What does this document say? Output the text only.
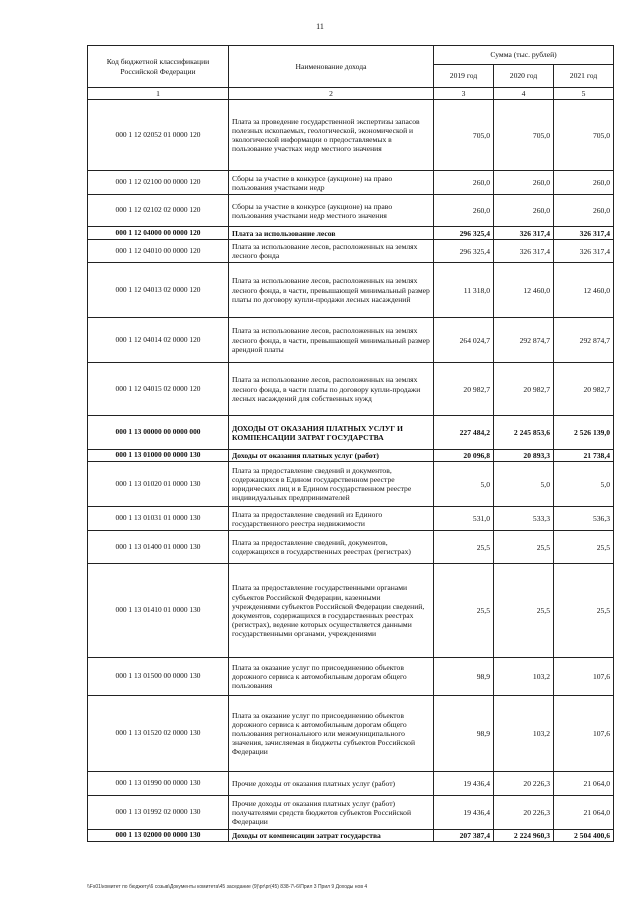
11
Код бюджетной классификации Российской Федерации	Наименование дохода	Сумма (тыс. рублей)		
		2019 год	2020 год	2021 год
1	2	3	4	5
000 1 12 02052 01 0000 120	Плата за проведение государственной экспертизы запасов полезных ископаемых, геологической, экономической и экологической информации о предоставляемых в пользование участках недр местного значения	705,0	705,0	705,0
000 1 12 02100 00 0000 120	Сборы за участие в конкурсе (аукционе) на право пользования участками недр	260,0	260,0	260,0
000 1 12 02102 02 0000 120	Сборы за участие в конкурсе (аукционе) на право пользования участками недр местного значения	260,0	260,0	260,0
000 1 12 04000 00 0000 120	Плата за использование лесов	296 325,4	326 317,4	326 317,4
000 1 12 04010 00 0000 120	Плата за использование лесов, расположенных на землях лесного фонда	296 325,4	326 317,4	326 317,4
000 1 12 04013 02 0000 120	Плата за использование лесов, расположенных на землях лесного фонда, в части, превышающей минимальный размер платы по договору купли-продажи лесных насаждений	11 318,0	12 460,0	12 460,0
000 1 12 04014 02 0000 120	Плата за использование лесов, расположенных на землях лесного фонда, в части, превышающей минимальный размер арендной платы	264 024,7	292 874,7	292 874,7
000 1 12 04015 02 0000 120	Плата за использование лесов, расположенных на землях лесного фонда, в части платы по договору купли-продажи лесных насаждений для собственных нужд	20 982,7	20 982,7	20 982,7
000 1 13 00000 00 0000 000	ДОХОДЫ ОТ ОКАЗАНИЯ ПЛАТНЫХ УСЛУГ И КОМПЕНСАЦИИ ЗАТРАТ ГОСУДАРСТВА	227 484,2	2 245 853,6	2 526 139,0
000 1 13 01000 00 0000 130	Доходы от оказания платных услуг (работ)	20 096,8	20 893,3	21 738,4
000 1 13 01020 01 0000 130	Плата за предоставление сведений и документов, содержащихся в Едином государственном реестре юридических лиц и в Едином государственном реестре индивидуальных предпринимателей	5,0	5,0	5,0
000 1 13 01031 01 0000 130	Плата за предоставление сведений из Единого государственного реестра недвижимости	531,0	533,3	536,3
000 1 13 01400 01 0000 130	Плата за предоставление сведений, документов, содержащихся в государственных реестрах (регистрах)	25,5	25,5	25,5
000 1 13 01410 01 0000 130	Плата за предоставление государственными органами субъектов Российской Федерации, казенными учреждениями субъектов Российской Федерации сведений, документов, содержащихся в государственных реестрах (регистрах), ведение которых осуществляется данными государственными органами, учреждениями	25,5	25,5	25,5
000 1 13 01500 00 0000 130	Плата за оказание услуг по присоединению объектов дорожного сервиса к автомобильным дорогам общего пользования	98,9	103,2	107,6
000 1 13 01520 02 0000 130	Плата за оказание услуг по присоединению объектов дорожного сервиса к автомобильным дорогам общего пользования регионального или межмуниципального значения, зачисляемая в бюджеты субъектов Российской Федерации	98,9	103,2	107,6
000 1 13 01990 00 0000 130	Прочие доходы от оказания платных услуг (работ)	19 436,4	20 226,3	21 064,0
000 1 13 01992 02 0000 130	Прочие доходы от оказания платных услуг (работ) получателями средств бюджетов субъектов Российской Федерации	19 436,4	20 226,3	21 064,0
000 1 13 02000 00 0000 130	Доходы от компенсации затрат государства	207 387,4	2 224 960,3	2 504 400,6
\\Fs01\комитет по бюджету\6 созыв\Документы комитета\45 заседание (9)\pr\pr(45) 838-7\-6\Прил 3 Прил 9 Доходы нов 4
